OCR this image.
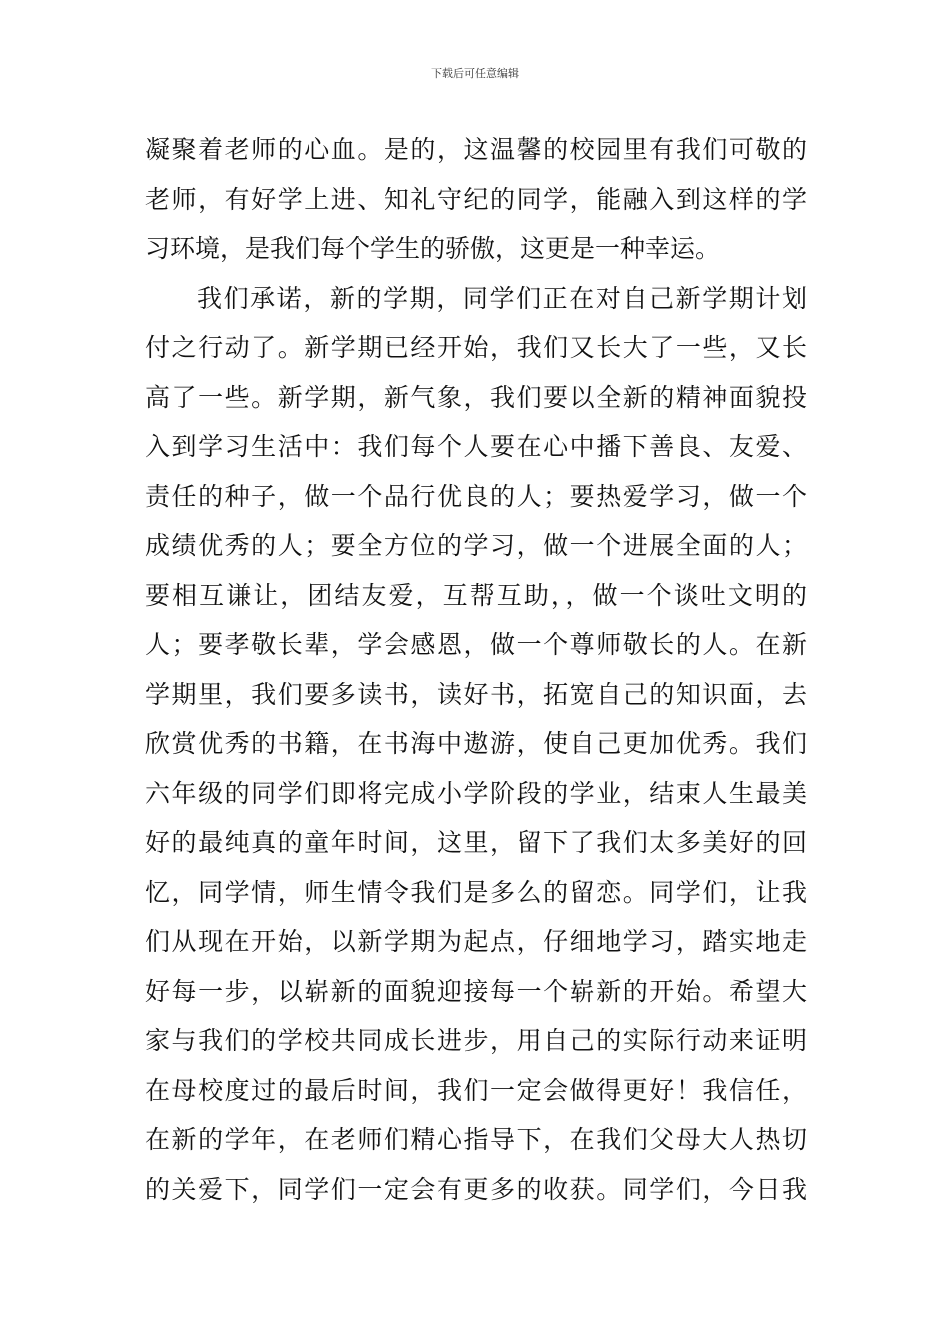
下载后可任意编辑
凝聚着老师的心血。是的，这温馨的校园里有我们可敬的
老师，有好学上进、知礼守纪的同学，能融入到这样的学
习环境，是我们每个学生的骄傲，这更是一种幸运。
我们承诺，新的学期，同学们正在对自己新学期计划
付之行动了。新学期已经开始，我们又长大了一些，又长
高了一些。新学期，新气象，我们要以全新的精神面貌投
入到学习生活中：我们每个人要在心中播下善良、友爱、
责任的种子，做一个品行优良的人；要热爱学习，做一个
成绩优秀的人；要全方位的学习，做一个进展全面的人；
要相互谦让，团结友爱，互帮互助，，做一个谈吐文明的
人；要孝敬长辈，学会感恩，做一个尊师敬长的人。在新
学期里，我们要多读书，读好书，拓宽自己的知识面，去
欣赏优秀的书籍，在书海中遨游，使自己更加优秀。我们
六年级的同学们即将完成小学阶段的学业，结束人生最美
好的最纯真的童年时间，这里，留下了我们太多美好的回
忆，同学情，师生情令我们是多么的留恋。同学们，让我
们从现在开始，以新学期为起点，仔细地学习，踏实地走
好每一步，以崭新的面貌迎接每一个崭新的开始。希望大
家与我们的学校共同成长进步，用自己的实际行动来证明
在母校度过的最后时间，我们一定会做得更好！我信任，
在新的学年，在老师们精心指导下，在我们父母大人热切
的关爱下，同学们一定会有更多的收获。同学们，今日我
